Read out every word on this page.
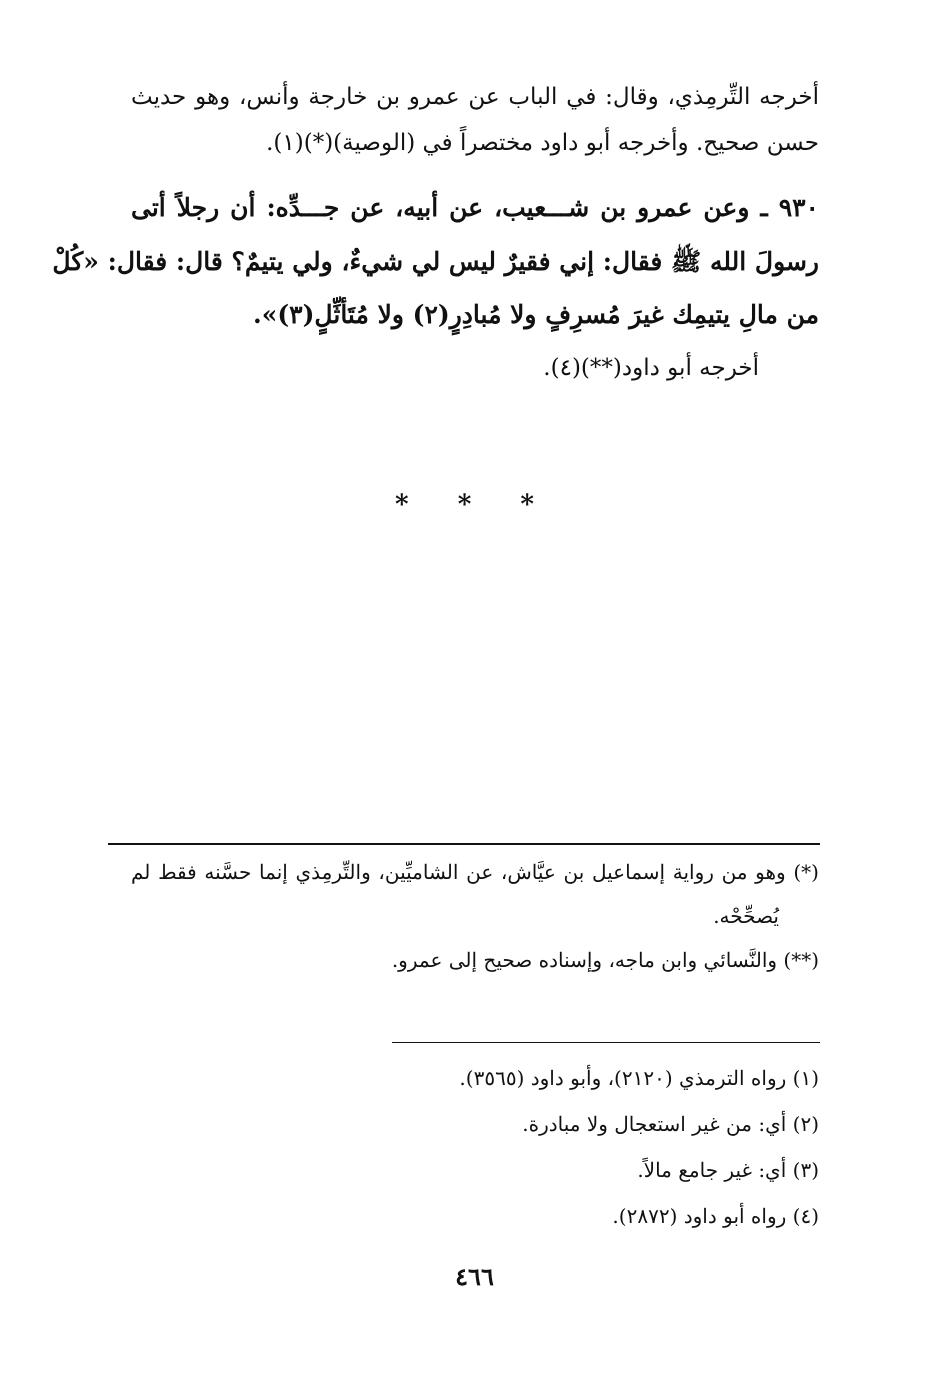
أخرجه التِّرمِذي، وقال: في الباب عن عمرو بن خارجة وأنس، وهو حديث
حسن صحيح. وأخرجه أبو داود مختصراً في (الوصية)(*)(١).
٩٣٠ ـ وعن عمرو بن شـــعيب، عن أبيه، عن جـــدِّه: أن رجلاً أتى
رسولَ الله ﷺ فقال: إني فقيرٌ ليس لي شيءٌ، ولي يتيمٌ؟ قال: فقال: «كُلْ
من مالِ يتيمِك غيرَ مُسرِفٍ ولا مُبادِرٍ(٢) ولا مُتَأثِّلٍ(٣)».
أخرجه أبو داود(**)(٤).
* * *
(*) وهو من رواية إسماعيل بن عيَّاش، عن الشاميِّين، والتِّرمِذي إنما حسَّنه فقط لم
يُصحِّحْه.
(**) والنَّسائي وابن ماجه، وإسناده صحيح إلى عمرو.
(١) رواه الترمذي (٢١٢٠)، وأبو داود (٣٥٦٥).
(٢) أي: من غير استعجال ولا مبادرة.
(٣) أي: غير جامع مالاً.
(٤) رواه أبو داود (٢٨٧٢).
٤٦٦
